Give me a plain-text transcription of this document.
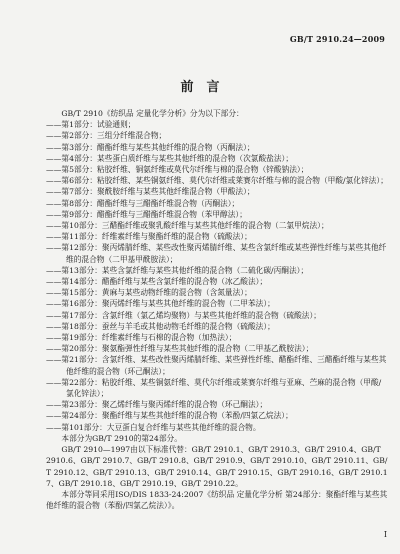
GB/T 2910.24—2009
前言

GB/T 2910《纺织品 定量化学分析》分为以下部分：

——第1部分：试验通则；
——第2部分：三组分纤维混合物；
——第3部分：醋酯纤维与某些其他纤维的混合物（丙酮法）；
——第4部分：某些蛋白质纤维与某些其他纤维的混合物（次氯酸盐法）；
——第5部分：粘胶纤维、铜氨纤维或莫代尔纤维与棉的混合物（锌酸钠法）；
——第6部分：粘胶纤维、某些铜氨纤维、莫代尔纤维或莱赛尔纤维与棉的混合物（甲酸/氯化锌法）；
——第7部分：聚酰胺纤维与某些其他纤维混合物（甲酸法）；
——第8部分：醋酯纤维与三醋酯纤维混合物（丙酮法）；
——第9部分：醋酯纤维与三醋酯纤维混合物（苯甲醇法）；
——第10部分：三醋酯纤维或聚乳酸纤维与某些其他纤维的混合物（二氯甲烷法）；
——第11部分：纤维素纤维与聚酯纤维的混合物（硫酸法）；
——第12部分：聚丙烯腈纤维、某些改性聚丙烯腈纤维、某些含氯纤维或某些弹性纤维与某些其他纤维的混合物（二甲基甲酰胺法）；
——第13部分：某些含氯纤维与某些其他纤维的混合物（二硫化碳/丙酮法）；
——第14部分：醋酯纤维与某些含氯纤维的混合物（冰乙酸法）；
——第15部分：黄麻与某些动物纤维的混合物（含氮量法）；
——第16部分：聚丙烯纤维与某些其他纤维的混合物（二甲苯法）；
——第17部分：含氯纤维（氯乙烯均聚物）与某些其他纤维的混合物（硫酸法）；
——第18部分：蚕丝与羊毛或其他动物毛纤维的混合物（硫酸法）；
——第19部分：纤维素纤维与石棉的混合物（加热法）；
——第20部分：聚氨酯弹性纤维与某些其他纤维的混合物（二甲基乙酰胺法）；
——第21部分：含氯纤维、某些改性聚丙烯腈纤维、某些弹性纤维、醋酯纤维、三醋酯纤维与某些其他纤维的混合物（环己酮法）；
——第22部分：粘胶纤维、某些铜氨纤维、莫代尔纤维或莱赛尔纤维与亚麻、苎麻的混合物（甲酸/氯化锌法）；
——第23部分：聚乙烯纤维与聚丙烯纤维的混合物（环己酮法）；
——第24部分：聚酯纤维与某些其他纤维的混合物（苯酚/四氯乙烷法）；
——第101部分：大豆蛋白复合纤维与某些其他纤维的混合物。

本部分为GB/T 2910的第24部分。

GB/T 2910—1997由以下标准代替：GB/T 2910.1、GB/T 2910.3、GB/T 2910.4、GB/T 2910.6、GB/T 2910.7、GB/T 2910.8、GB/T 2910.9、GB/T 2910.10、GB/T 2910.11、GB/T 2910.12、GB/T 2910.13、GB/T 2910.14、GB/T 2910.15、GB/T 2910.16、GB/T 2910.17、GB/T 2910.18、GB/T 2910.19、GB/T 2910.22。

本部分等同采用ISO/DIS 1833-24:2007《纺织品 定量化学分析 第24部分：聚酯纤维与某些其他纤维的混合物（苯酚/四氯乙烷法）》。

Ⅰ
